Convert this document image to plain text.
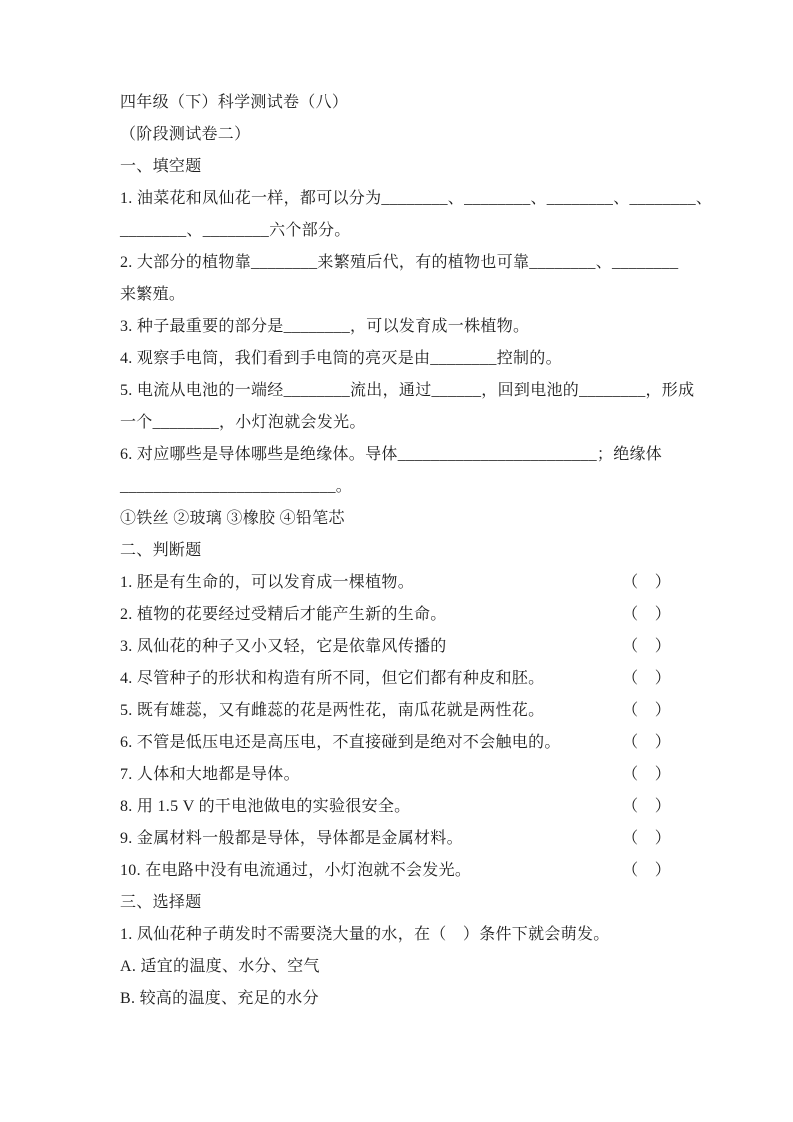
四年级（下）科学测试卷（八）
（阶段测试卷二）
一、填空题
1. 油菜花和凤仙花一样，都可以分为________、________、________、________、
________、________六个部分。
2. 大部分的植物靠________来繁殖后代，有的植物也可靠________、________
来繁殖。
3. 种子最重要的部分是________，可以发育成一株植物。
4. 观察手电筒，我们看到手电筒的亮灭是由________控制的。
5. 电流从电池的一端经________流出，通过______，回到电池的________，形成
一个________，小灯泡就会发光。
6. 对应哪些是导体哪些是绝缘体。导体________________________；绝缘体
__________________________。
①铁丝 ②玻璃 ③橡胶 ④铅笔芯
二、判断题
1. 胚是有生命的，可以发育成一棵植物。	（　）
2. 植物的花要经过受精后才能产生新的生命。	（　）
3. 凤仙花的种子又小又轻，它是依靠风传播的	（　）
4. 尽管种子的形状和构造有所不同，但它们都有种皮和胚。	（　）
5. 既有雄蕊，又有雌蕊的花是两性花，南瓜花就是两性花。	（　）
6. 不管是低压电还是高压电，不直接碰到是绝对不会触电的。	（　）
7. 人体和大地都是导体。	（　）
8. 用 1.5 V 的干电池做电的实验很安全。	（　）
9. 金属材料一般都是导体，导体都是金属材料。	（　）
10. 在电路中没有电流通过，小灯泡就不会发光。	（　）
三、选择题
1. 凤仙花种子萌发时不需要浇大量的水，在（　）条件下就会萌发。
A. 适宜的温度、水分、空气
B. 较高的温度、充足的水分
